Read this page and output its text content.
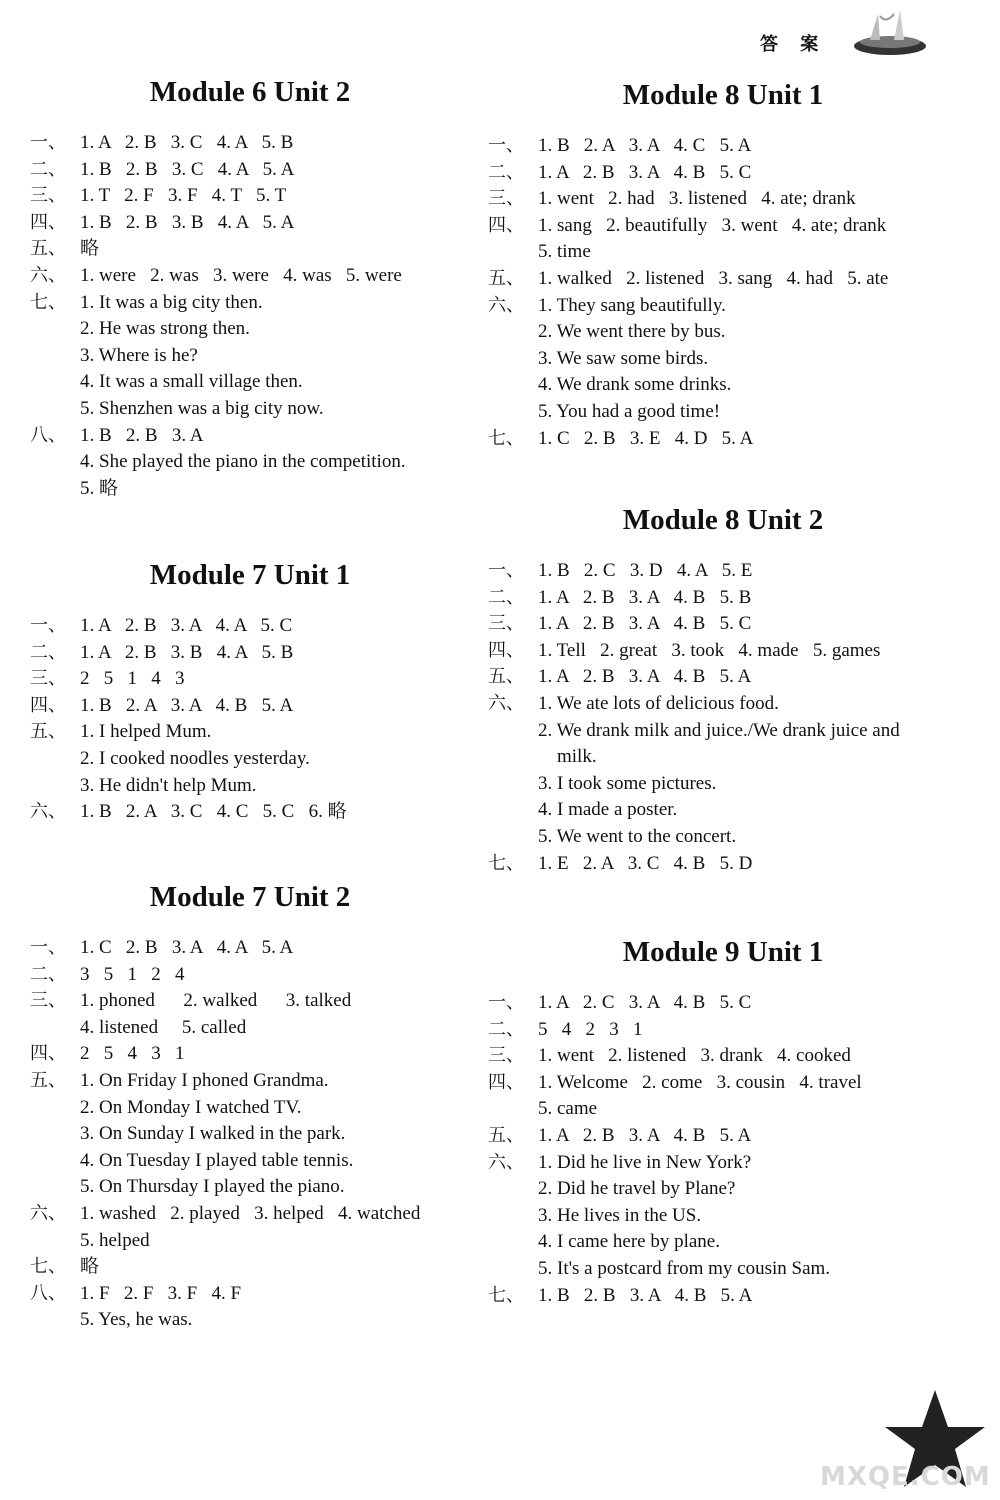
答 案
Module 6 Unit 2
一、 1. A   2. B   3. C   4. A   5. B
二、 1. B   2. B   3. C   4. A   5. A
三、 1. T   2. F   3. F   4. T   5. T
四、 1. B   2. B   3. B   4. A   5. A
五、 略
六、 1. were   2. was   3. were   4. was   5. were
七、 1. It was a big city then.
2. He was strong then.
3. Where is he?
4. It was a small village then.
5. Shenzhen was a big city now.
八、 1. B   2. B   3. A
4. She played the piano in the competition.
5. 略
Module 7 Unit 1
一、 1. A   2. B   3. A   4. A   5. C
二、 1. A   2. B   3. B   4. A   5. B
三、 2   5   1   4   3
四、 1. B   2. A   3. A   4. B   5. A
五、 1. I helped Mum.
2. I cooked noodles yesterday.
3. He didn't help Mum.
六、 1. B   2. A   3. C   4. C   5. C   6. 略
Module 7 Unit 2
一、 1. C   2. B   3. A   4. A   5. A
二、 3   5   1   2   4
三、 1. phoned      2. walked      3. talked
4. listened     5. called
四、 2   5   4   3   1
五、 1. On Friday I phoned Grandma.
2. On Monday I watched TV.
3. On Sunday I walked in the park.
4. On Tuesday I played table tennis.
5. On Thursday I played the piano.
六、 1. washed   2. played   3. helped   4. watched
5. helped
七、 略
八、 1. F   2. F   3. F   4. F
5. Yes, he was.
Module 8 Unit 1
一、 1. B   2. A   3. A   4. C   5. A
二、 1. A   2. B   3. A   4. B   5. C
三、 1. went   2. had   3. listened   4. ate; drank
四、 1. sang   2. beautifully   3. went   4. ate; drank
5. time
五、 1. walked   2. listened   3. sang   4. had   5. ate
六、 1. They sang beautifully.
2. We went there by bus.
3. We saw some birds.
4. We drank some drinks.
5. You had a good time!
七、 1. C   2. B   3. E   4. D   5. A
Module 8 Unit 2
一、 1. B   2. C   3. D   4. A   5. E
二、 1. A   2. B   3. A   4. B   5. B
三、 1. A   2. B   3. A   4. B   5. C
四、 1. Tell   2. great   3. took   4. made   5. games
五、 1. A   2. B   3. A   4. B   5. A
六、 1. We ate lots of delicious food.
2. We drank milk and juice./We drank juice and
milk.
3. I took some pictures.
4. I made a poster.
5. We went to the concert.
七、 1. E   2. A   3. C   4. B   5. D
Module 9 Unit 1
一、 1. A   2. C   3. A   4. B   5. C
二、 5   4   2   3   1
三、 1. went   2. listened   3. drank   4. cooked
四、 1. Welcome   2. come   3. cousin   4. travel
5. came
五、 1. A   2. B   3. A   4. B   5. A
六、 1. Did he live in New York?
2. Did he travel by Plane?
3. He lives in the US.
4. I came here by plane.
5. It's a postcard from my cousin Sam.
七、 1. B   2. B   3. A   4. B   5. A
MXQE.COM
